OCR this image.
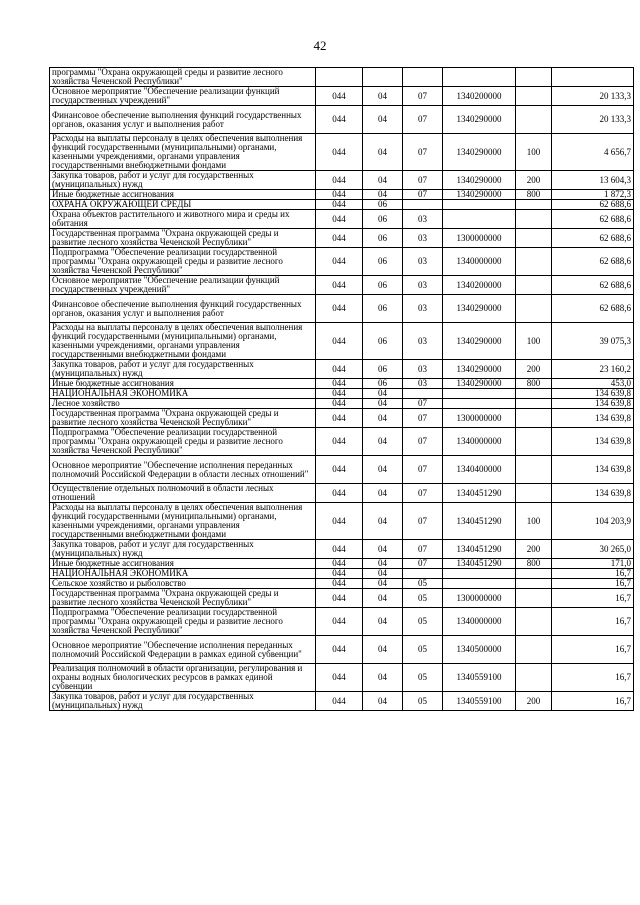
42
программы "Охрана окружающей среды и развитие лесного хозяйства Чеченской Республики"						
Основное мероприятие "Обеспечение реализации функций государственных учреждений"	044	04	07	1340200000		20 133,3
Финансовое обеспечение выполнения функций государственных органов, оказания услуг и выполнения работ	044	04	07	1340290000		20 133,3
Расходы на выплаты персоналу в целях обеспечения выполнения функций государственными (муниципальными) органами, казенными учреждениями, органами управления государственными внебюджетными фондами	044	04	07	1340290000	100	4 656,7
Закупка товаров, работ и услуг для государственных (муниципальных) нужд	044	04	07	1340290000	200	13 604,3
Иные бюджетные ассигнования	044	04	07	1340290000	800	1 872,3
ОХРАНА ОКРУЖАЮЩЕЙ СРЕДЫ	044	06				62 688,6
Охрана объектов растительного и животного мира и среды их обитания	044	06	03			62 688,6
Государственная программа "Охрана окружающей среды и развитие лесного хозяйства Чеченской Республики"	044	06	03	1300000000		62 688,6
Подпрограмма "Обеспечение реализации государственной программы "Охрана окружающей среды и развитие лесного хозяйства Чеченской Республики"	044	06	03	1340000000		62 688,6
Основное мероприятие "Обеспечение реализации функций государственных учреждений"	044	06	03	1340200000		62 688,6
Финансовое обеспечение выполнения функций государственных органов, оказания услуг и выполнения работ	044	06	03	1340290000		62 688,6
Расходы на выплаты персоналу в целях обеспечения выполнения функций государственными (муниципальными) органами, казенными учреждениями, органами управления государственными внебюджетными фондами	044	06	03	1340290000	100	39 075,3
Закупка товаров, работ и услуг для государственных (муниципальных) нужд	044	06	03	1340290000	200	23 160,2
Иные бюджетные ассигнования	044	06	03	1340290000	800	453,0
НАЦИОНАЛЬНАЯ ЭКОНОМИКА	044	04				134 639,8
Лесное хозяйство	044	04	07			134 639,8
Государственная программа "Охрана окружающей среды и развитие лесного хозяйства Чеченской Республики"	044	04	07	1300000000		134 639,8
Подпрограмма "Обеспечение реализации государственной программы "Охрана окружающей среды и развитие лесного хозяйства Чеченской Республики"	044	04	07	1340000000		134 639,8
Основное мероприятие "Обеспечение исполнения переданных полномочий Российской Федерации в области лесных отношений"	044	04	07	1340400000		134 639,8
Осуществление отдельных полномочий в области лесных отношений	044	04	07	1340451290		134 639,8
Расходы на выплаты персоналу в целях обеспечения выполнения функций государственными (муниципальными) органами, казенными учреждениями, органами управления государственными внебюджетными фондами	044	04	07	1340451290	100	104 203,9
Закупка товаров, работ и услуг для государственных (муниципальных) нужд	044	04	07	1340451290	200	30 265,0
Иные бюджетные ассигнования	044	04	07	1340451290	800	171,0
НАЦИОНАЛЬНАЯ ЭКОНОМИКА	044	04				16,7
Сельское хозяйство и рыболовство	044	04	05			16,7
Государственная программа "Охрана окружающей среды и развитие лесного хозяйства Чеченской Республики"	044	04	05	1300000000		16,7
Подпрограмма "Обеспечение реализации государственной программы "Охрана окружающей среды и развитие лесного хозяйства Чеченской Республики"	044	04	05	1340000000		16,7
Основное мероприятие "Обеспечение исполнения переданных полномочий Российской Федерации в рамках единой субвенции"	044	04	05	1340500000		16,7
Реализация полномочий в области организации, регулирования и охраны водных биологических ресурсов в рамках единой субвенции	044	04	05	1340559100		16,7
Закупка товаров, работ и услуг для государственных (муниципальных) нужд	044	04	05	1340559100	200	16,7
